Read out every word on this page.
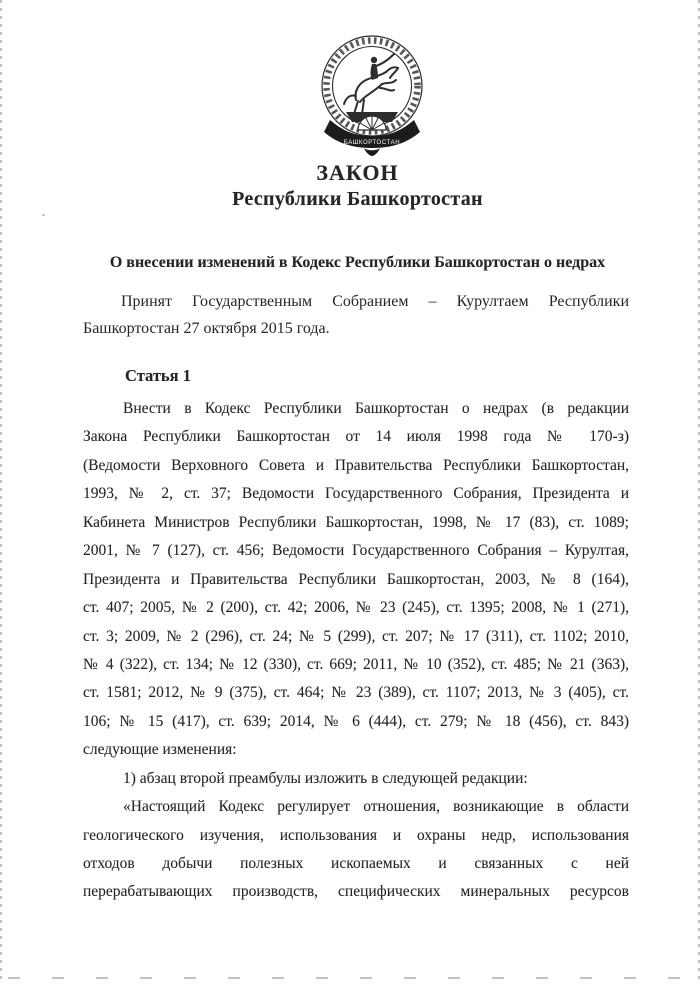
БАШКОРТОСТАН
ЗАКОН
Республики Башкортостан
О внесении изменений в Кодекс Республики Башкортостан о недрах
Принят Государственным Собранием – Курултаем Республики
Башкортостан 27 октября 2015 года.
Статья 1
Внести в Кодекс Республики Башкортостан о недрах (в редакции
Закона Республики Башкортостан от 14 июля 1998 года № 170-з)
(Ведомости Верховного Совета и Правительства Республики Башкортостан,
1993, № 2, ст. 37; Ведомости Государственного Собрания, Президента и
Кабинета Министров Республики Башкортостан, 1998, № 17 (83), ст. 1089;
2001, № 7 (127), ст. 456; Ведомости Государственного Собрания – Курултая,
Президента и Правительства Республики Башкортостан, 2003, № 8 (164),
ст. 407; 2005, № 2 (200), ст. 42; 2006, № 23 (245), ст. 1395; 2008, № 1 (271),
ст. 3; 2009, № 2 (296), ст. 24; № 5 (299), ст. 207; № 17 (311), ст. 1102; 2010,
№ 4 (322), ст. 134; № 12 (330), ст. 669; 2011, № 10 (352), ст. 485; № 21 (363),
ст. 1581; 2012, № 9 (375), ст. 464; № 23 (389), ст. 1107; 2013, № 3 (405), ст.
106; № 15 (417), ст. 639; 2014, № 6 (444), ст. 279; № 18 (456), ст. 843)
следующие изменения:
1) абзац второй преамбулы изложить в следующей редакции:
«Настоящий Кодекс регулирует отношения, возникающие в области
геологического изучения, использования и охраны недр, использования
отходов добычи полезных ископаемых и связанных с ней
перерабатывающих производств, специфических минеральных ресурсов
